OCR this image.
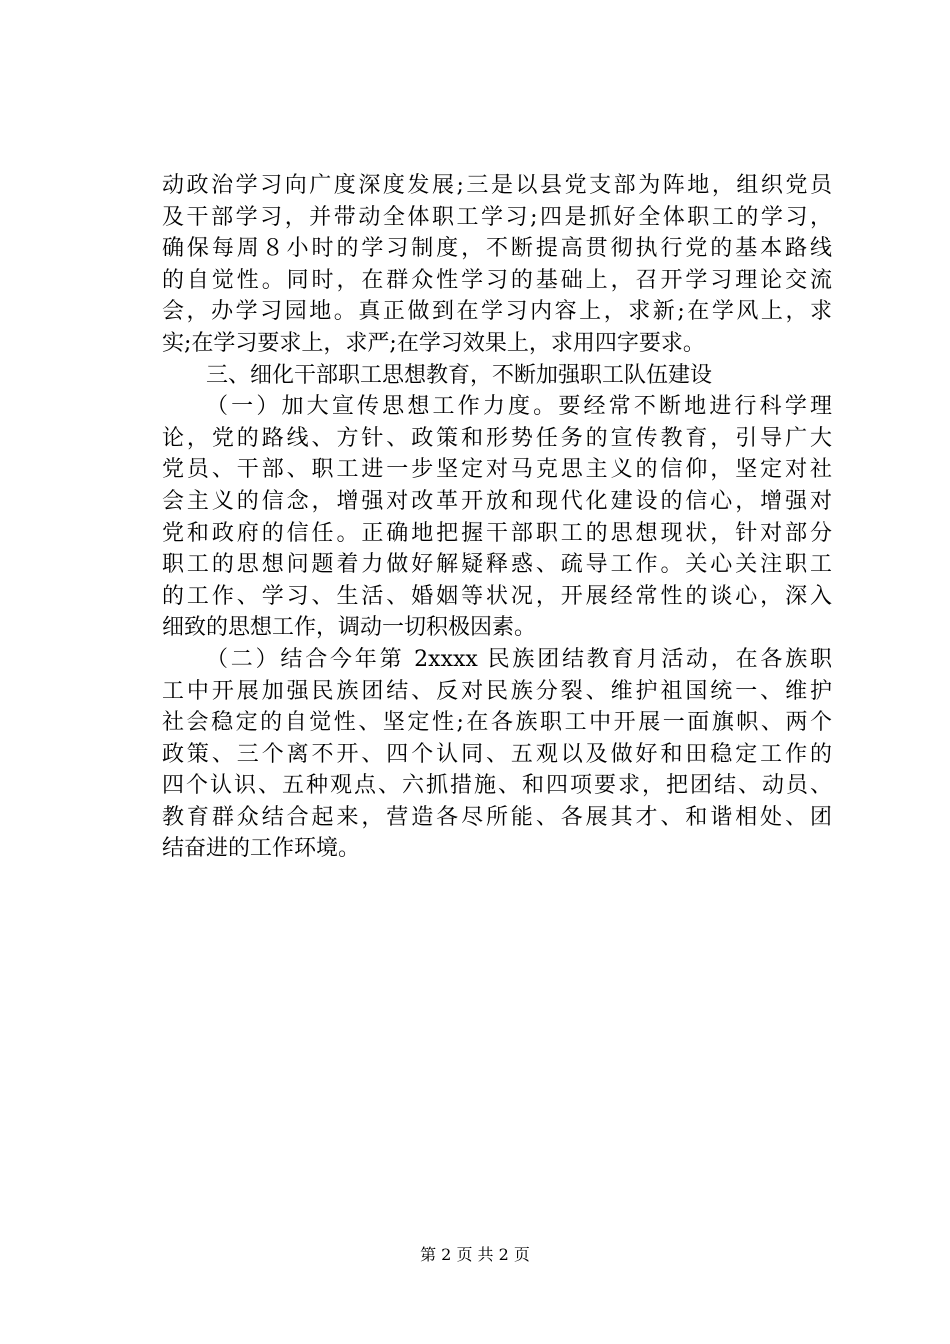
动政治学习向广度深度发展;三是以县党支部为阵地，组织党员
及干部学习，并带动全体职工学习;四是抓好全体职工的学习，
确保每周８小时的学习制度，不断提高贯彻执行党的基本路线
的自觉性。同时，在群众性学习的基础上，召开学习理论交流
会，办学习园地。真正做到在学习内容上，求新;在学风上，求
实;在学习要求上，求严;在学习效果上，求用四字要求。
三、细化干部职工思想教育，不断加强职工队伍建设
（一）加大宣传思想工作力度。要经常不断地进行科学理
论，党的路线、方针、政策和形势任务的宣传教育，引导广大
党员、干部、职工进一步坚定对马克思主义的信仰，坚定对社
会主义的信念，增强对改革开放和现代化建设的信心，增强对
党和政府的信任。正确地把握干部职工的思想现状，针对部分
职工的思想问题着力做好解疑释惑、疏导工作。关心关注职工
的工作、学习、生活、婚姻等状况，开展经常性的谈心，深入
细致的思想工作，调动一切积极因素。
（二）结合今年第 2xxxx 民族团结教育月活动，在各族职
工中开展加强民族团结、反对民族分裂、维护祖国统一、维护
社会稳定的自觉性、坚定性;在各族职工中开展一面旗帜、两个
政策、三个离不开、四个认同、五观以及做好和田稳定工作的
四个认识、五种观点、六抓措施、和四项要求，把团结、动员、
教育群众结合起来，营造各尽所能、各展其才、和谐相处、团
结奋进的工作环境。
第 2 页 共 2 页
